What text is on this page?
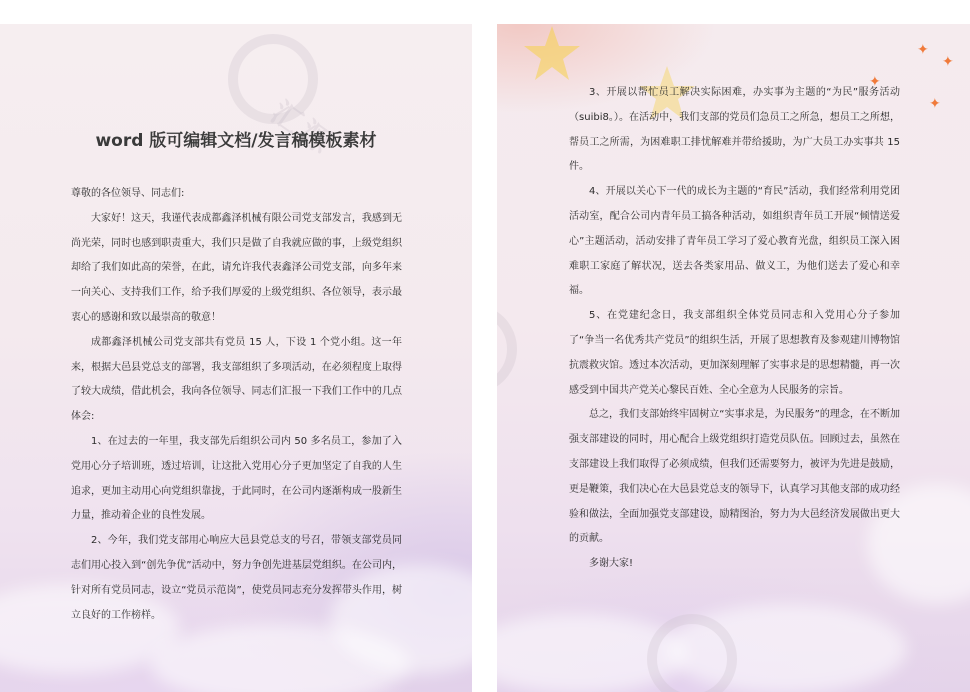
汇源
word 版可编辑文档/发言稿模板素材

尊敬的各位领导、同志们:

大家好！这天，我谨代表成都鑫泽机械有限公司党支部发言，我感到无尚光荣，同时也感到职责重大，我们只是做了自我就应做的事，上级党组织却给了我们如此高的荣誉，在此，请允许我代表鑫泽公司党支部，向多年来一向关心、支持我们工作，给予我们厚爱的上级党组织、各位领导，表示最衷心的感谢和致以最崇高的敬意！

成都鑫泽机械公司党支部共有党员 15 人，下设 1 个党小组。这一年来，根据大邑县党总支的部署，我支部组织了多项活动，在必须程度上取得了较大成绩，借此机会，我向各位领导、同志们汇报一下我们工作中的几点体会:

1、在过去的一年里，我支部先后组织公司内 50 多名员工，参加了入党用心分子培训班，透过培训，让这批入党用心分子更加坚定了自我的人生追求，更加主动用心向党组织靠拢，于此同时，在公司内逐渐构成一股新生力量，推动着企业的良性发展。

2、今年，我们党支部用心响应大邑县党总支的号召，带领支部党员同志们用心投入到“创先争优”活动中，努力争创先进基层党组织。在公司内，针对所有党员同志，设立“党员示范岗”，使党员同志充分发挥带头作用，树立良好的工作榜样。

✦
✦
✦
✦

3、开展以帮忙员工解决实际困难，办实事为主题的“为民”服务活动（suibi8。）。在活动中，我们支部的党员们急员工之所急，想员工之所想，帮员工之所需，为困难职工排忧解难并带给援助，为广大员工办实事共 15 件。

4、开展以关心下一代的成长为主题的“育民”活动，我们经常利用党团活动室，配合公司内青年员工搞各种活动，如组织青年员工开展“倾情送爱心”主题活动，活动安排了青年员工学习了爱心教育光盘，组织员工深入困难职工家庭了解状况，送去各类家用品、做义工，为他们送去了爱心和幸福。

5、在党建纪念日，我支部组织全体党员同志和入党用心分子参加了“争当一名优秀共产党员”的组织生活，开展了思想教育及参观建川博物馆抗震救灾馆。透过本次活动，更加深刻理解了实事求是的思想精髓，再一次感受到中国共产党关心黎民百姓、全心全意为人民服务的宗旨。

总之，我们支部始终牢固树立“实事求是，为民服务”的理念，在不断加强支部建设的同时，用心配合上级党组织打造党员队伍。回顾过去，虽然在支部建设上我们取得了必须成绩，但我们还需要努力，被评为先进是鼓励，更是鞭策，我们决心在大邑县党总支的领导下，认真学习其他支部的成功经验和做法，全面加强党支部建设，励精图治，努力为大邑经济发展做出更大的贡献。

多谢大家!
